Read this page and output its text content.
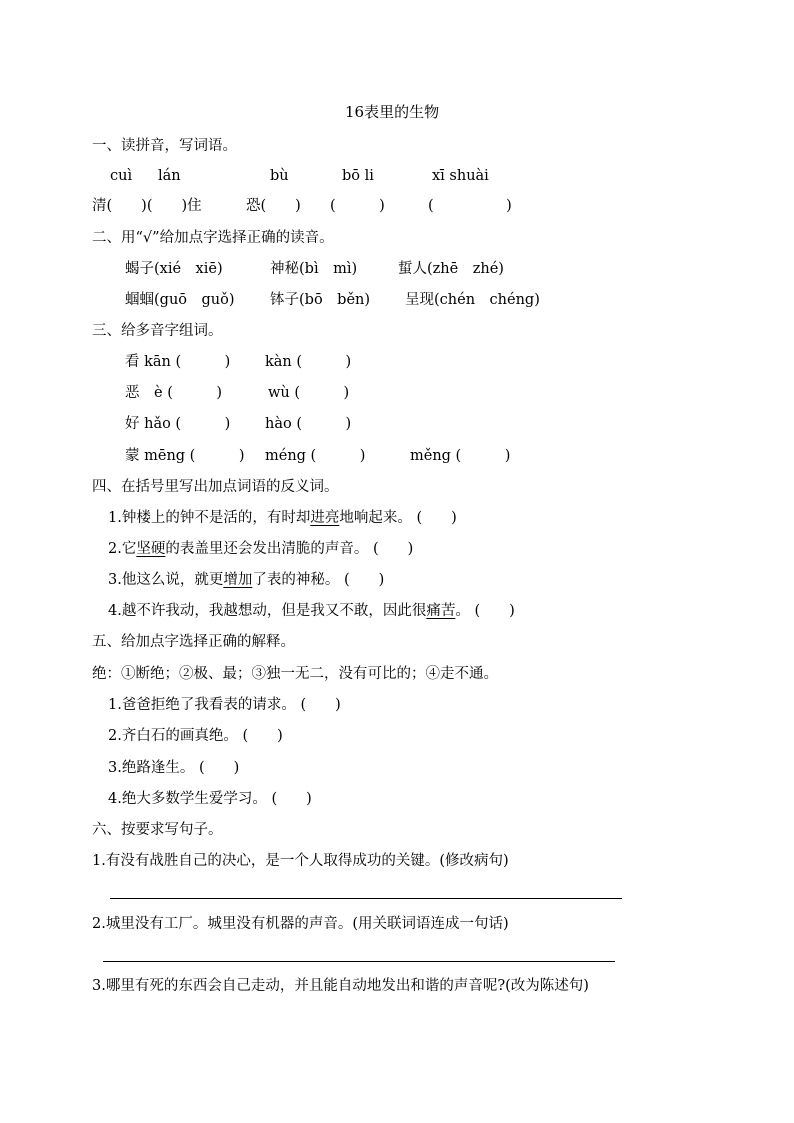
16表里的生物
一、读拼音，写词语。
cuì lán	bù	bō li	xī shuài
清(　　)(　　)住	恐(　　) (　　　)	(　　　　　)
二、用“√”给加点字选择正确的读音。
蝎子(xié　xiē)	神秘(bì　mì)	蜇人(zhē　zhé)
蝈蝈(guō　guǒ) 钵子(bō　běn) 呈现(chén　chéng)
三、给多音字组词。
看 kān (　　　) kàn (　　　)
恶　è (　　　)	wù (　　　)
好 hǎo (　　　) hào (　　　)
蒙 mēng (　　　) méng (　　　)	měng (　　　)
四、在括号里写出加点词语的反义词。
1.钟楼上的钟不是活的，有时却进亮地响起来。 (　　)
2.它坚硬的表盖里还会发出清脆的声音。 (　　)
3.他这么说，就更增加了表的神秘。 (　　)
4.越不许我动，我越想动，但是我又不敢，因此很痛苦。 (　　)
五、给加点字选择正确的解释。
绝：①断绝；②极、最；③独一无二，没有可比的；④走不通。
1.爸爸拒绝了我看表的请求。 (　　)
2.齐白石的画真绝。 (　　)
3.绝路逢生。 (　　)
4.绝大多数学生爱学习。 (　　)
六、按要求写句子。
1.有没有战胜自己的决心，是一个人取得成功的关键。(修改病句)
2.城里没有工厂。城里没有机器的声音。(用关联词语连成一句话)
3.哪里有死的东西会自己走动，并且能自动地发出和谐的声音呢?(改为陈述句)
